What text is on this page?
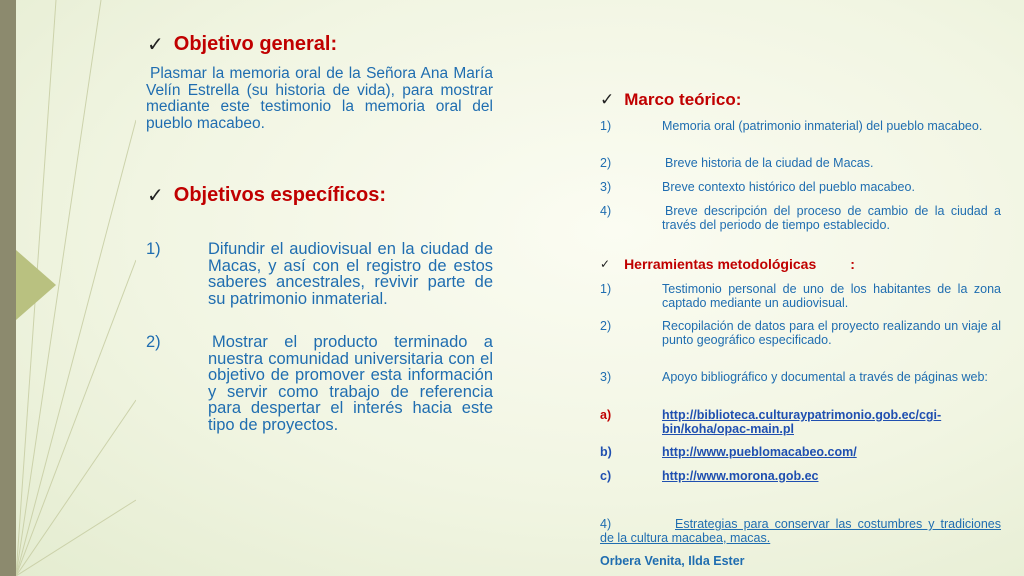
✓ Objetivo general:
Plasmar la memoria oral de la Señora Ana María Velín Estrella (su historia de vida), para mostrar mediante este testimonio la memoria oral del pueblo macabeo.
✓ Objetivos específicos:
1)	Difundir el audiovisual en la ciudad de Macas, y así con el registro de estos saberes ancestrales, revivir parte de su patrimonio inmaterial.
2)	Mostrar el producto terminado a nuestra comunidad universitaria con el objetivo de promover esta información y servir como trabajo de referencia para despertar el interés hacia este tipo de proyectos.
✓ Marco teórico:
1)	Memoria oral (patrimonio inmaterial) del pueblo macabeo.
2)	Breve historia de la ciudad de Macas.
3)	Breve contexto histórico del pueblo macabeo.
4)	Breve descripción del proceso de cambio de la ciudad a través del periodo de tiempo establecido.
✓ Herramientas metodológicas :
1)	Testimonio personal de uno de los habitantes de la zona captado mediante un audiovisual.
2)	Recopilación de datos para el proyecto realizando un viaje al punto geográfico especificado.
3)	Apoyo bibliográfico y documental a través de páginas web:
a)	http://biblioteca.culturaypatrimonio.gob.ec/cgi-bin/koha/opac-main.pl
b)	http://www.pueblomacabeo.com/
c)	http://www.morona.gob.ec
4)	Estrategias para conservar las costumbres y tradiciones de la cultura macabea, macas.
Orbera Venita, Ilda Ester
